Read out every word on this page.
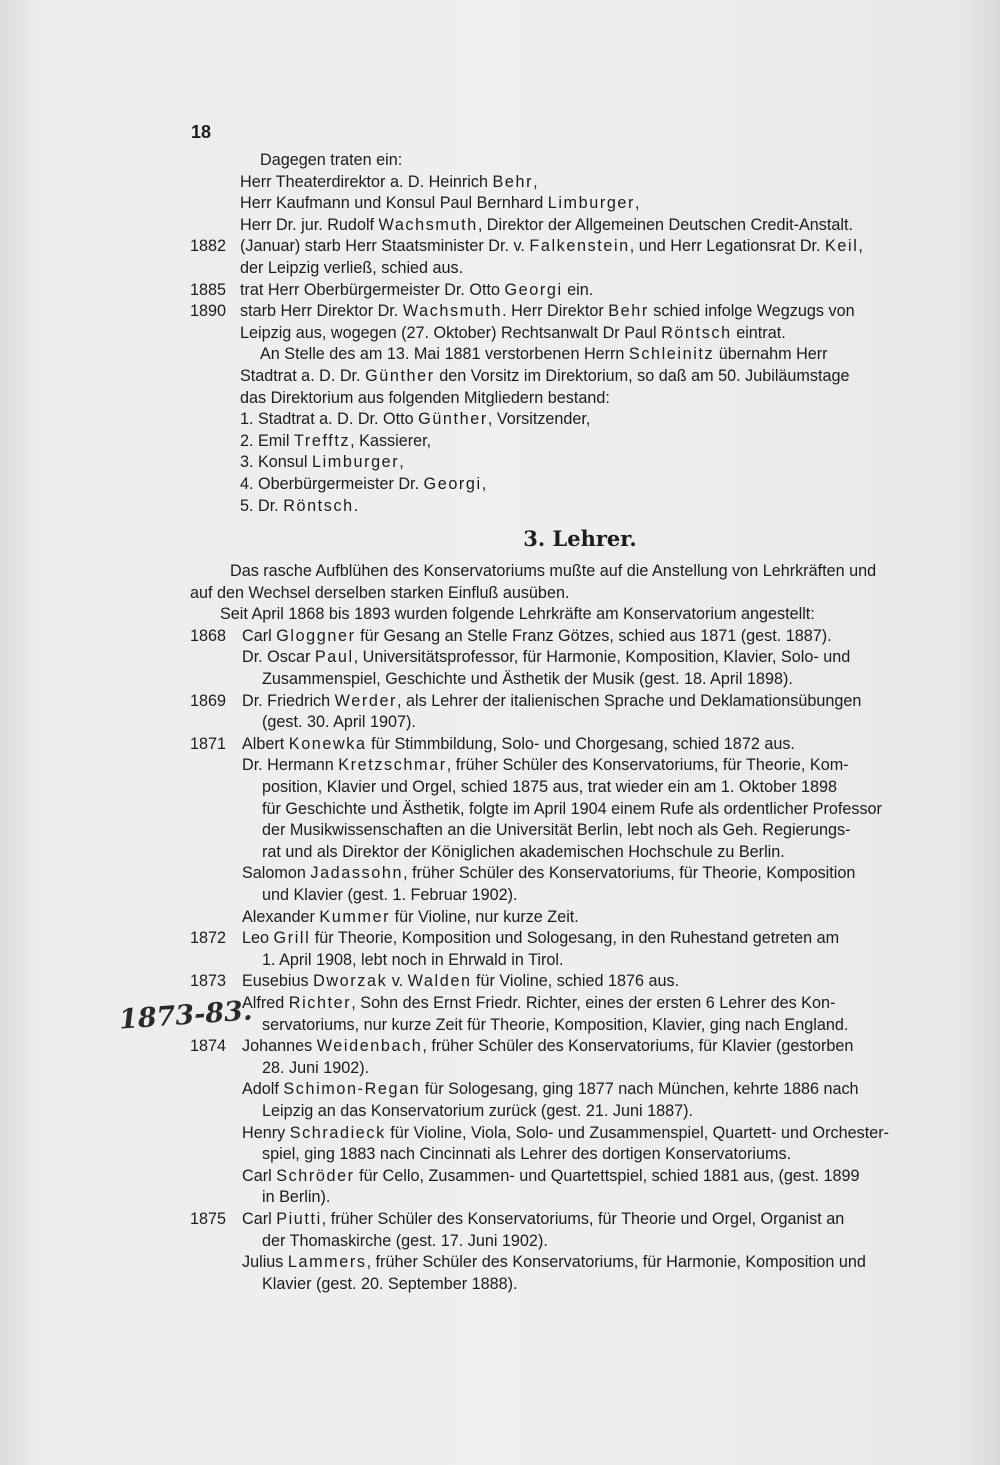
18
Dagegen traten ein:
Herr Theaterdirektor a. D. Heinrich Behr,
Herr Kaufmann und Konsul Paul Bernhard Limburger,
Herr Dr. jur. Rudolf Wachsmuth, Direktor der Allgemeinen Deutschen Credit-Anstalt.
1882 (Januar) starb Herr Staatsminister Dr. v. Falkenstein, und Herr Legationsrat Dr. Keil,
der Leipzig verließ, schied aus.
1885 trat Herr Oberbürgermeister Dr. Otto Georgi ein.
1890 starb Herr Direktor Dr. Wachsmuth. Herr Direktor Behr schied infolge Wegzugs von
Leipzig aus, wogegen (27. Oktober) Rechtsanwalt Dr Paul Röntsch eintrat.
An Stelle des am 13. Mai 1881 verstorbenen Herrn Schleinitz übernahm Herr
Stadtrat a. D. Dr. Günther den Vorsitz im Direktorium, so daß am 50. Jubiläumstage
das Direktorium aus folgenden Mitgliedern bestand:
1. Stadtrat a. D. Dr. Otto Günther, Vorsitzender,
2. Emil Trefftz, Kassierer,
3. Konsul Limburger,
4. Oberbürgermeister Dr. Georgi,
5. Dr. Röntsch.
3. Lehrer.
Das rasche Aufblühen des Konservatoriums mußte auf die Anstellung von Lehrkräften und
auf den Wechsel derselben starken Einfluß ausüben.
Seit April 1868 bis 1893 wurden folgende Lehrkräfte am Konservatorium angestellt:
1868 Carl Gloggner für Gesang an Stelle Franz Götzes, schied aus 1871 (gest. 1887).
Dr. Oscar Paul, Universitätsprofessor, für Harmonie, Komposition, Klavier, Solo- und
Zusammenspiel, Geschichte und Ästhetik der Musik (gest. 18. April 1898).
1869 Dr. Friedrich Werder, als Lehrer der italienischen Sprache und Deklamationsübungen
(gest. 30. April 1907).
1871 Albert Konewka für Stimmbildung, Solo- und Chorgesang, schied 1872 aus.
Dr. Hermann Kretzschmar, früher Schüler des Konservatoriums, für Theorie, Kom-
position, Klavier und Orgel, schied 1875 aus, trat wieder ein am 1. Oktober 1898
für Geschichte und Ästhetik, folgte im April 1904 einem Rufe als ordentlicher Professor
der Musikwissenschaften an die Universität Berlin, lebt noch als Geh. Regierungs-
rat und als Direktor der Königlichen akademischen Hochschule zu Berlin.
Salomon Jadassohn, früher Schüler des Konservatoriums, für Theorie, Komposition
und Klavier (gest. 1. Februar 1902).
Alexander Kummer für Violine, nur kurze Zeit.
1872 Leo Grill für Theorie, Komposition und Sologesang, in den Ruhestand getreten am
1. April 1908, lebt noch in Ehrwald in Tirol.
1873 Eusebius Dworzak v. Walden für Violine, schied 1876 aus.
Alfred Richter, Sohn des Ernst Friedr. Richter, eines der ersten 6 Lehrer des Kon-
servatoriums, nur kurze Zeit für Theorie, Komposition, Klavier, ging nach England.
1874 Johannes Weidenbach, früher Schüler des Konservatoriums, für Klavier (gestorben
28. Juni 1902).
Adolf Schimon-Regan für Sologesang, ging 1877 nach München, kehrte 1886 nach
Leipzig an das Konservatorium zurück (gest. 21. Juni 1887).
Henry Schradieck für Violine, Viola, Solo- und Zusammenspiel, Quartett- und Orchester-
spiel, ging 1883 nach Cincinnati als Lehrer des dortigen Konservatoriums.
Carl Schröder für Cello, Zusammen- und Quartettspiel, schied 1881 aus, (gest. 1899
in Berlin).
1875 Carl Piutti, früher Schüler des Konservatoriums, für Theorie und Orgel, Organist an
der Thomaskirche (gest. 17. Juni 1902).
Julius Lammers, früher Schüler des Konservatoriums, für Harmonie, Komposition und
Klavier (gest. 20. September 1888).
1873-83.
